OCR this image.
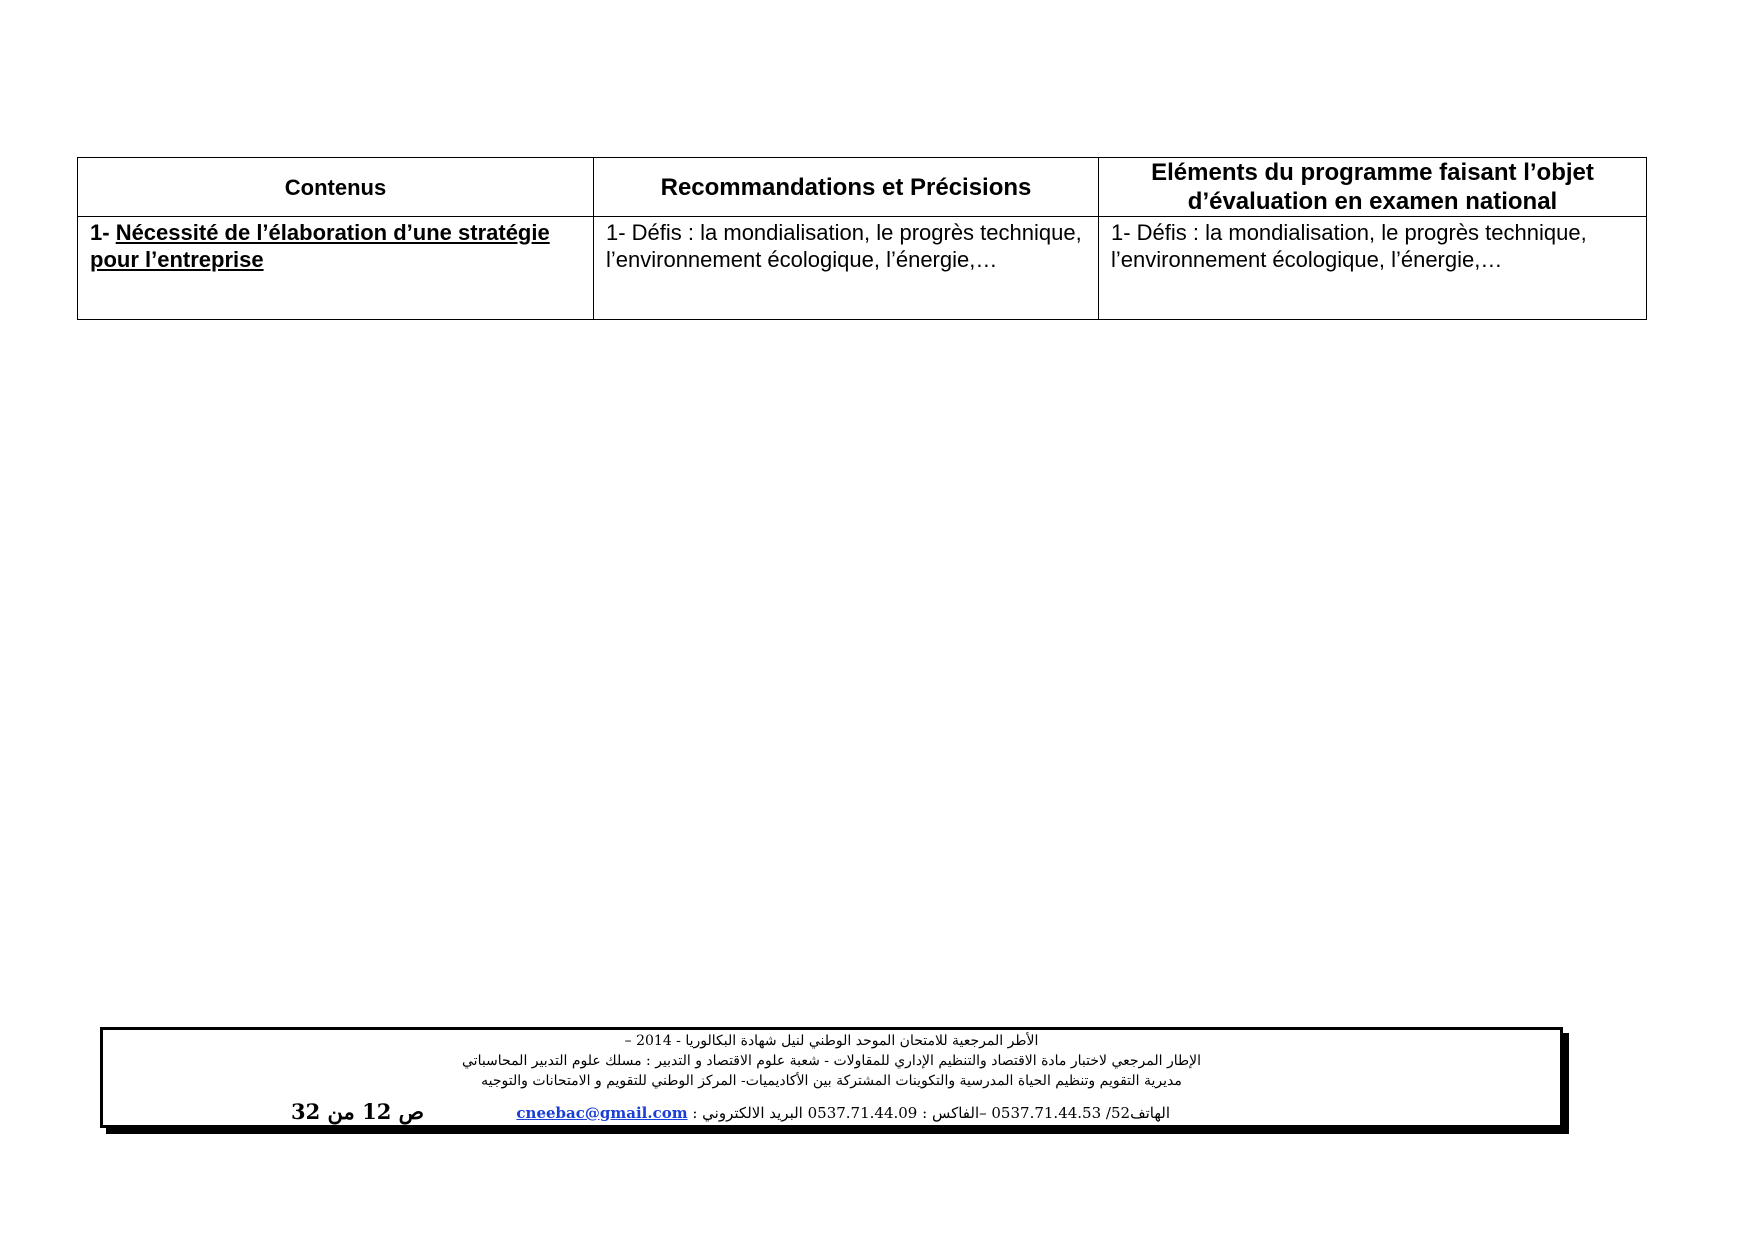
Contenus	Recommandations et Précisions	Eléments du programme faisant l’objet d’évaluation en examen national
1- Nécessité de l’élaboration d’une stratégie pour l’entreprise	1- Défis : la mondialisation, le progrès technique, l’environnement écologique, l’énergie,…	1- Défis : la mondialisation, le progrès technique, l’environnement écologique, l’énergie,…
الأطر المرجعية للامتحان الموحد الوطني لنيل شهادة البكالوريا - 2014 –
الإطار المرجعي لاختبار مادة الاقتصاد والتنظيم الإداري للمقاولات - شعبة علوم الاقتصاد و التدبير : مسلك علوم التدبير المحاسباتي
مديرية التقويم وتنظيم الحياة المدرسية والتكوينات المشتركة بين الأكاديميات- المركز الوطني للتقويم و الامتحانات والتوجيه
الهاتف52/ 0537.71.44.53 –الفاكس : 0537.71.44.09 البريد الالكتروني : cneebac@gmail.com
ص 12 من 32
